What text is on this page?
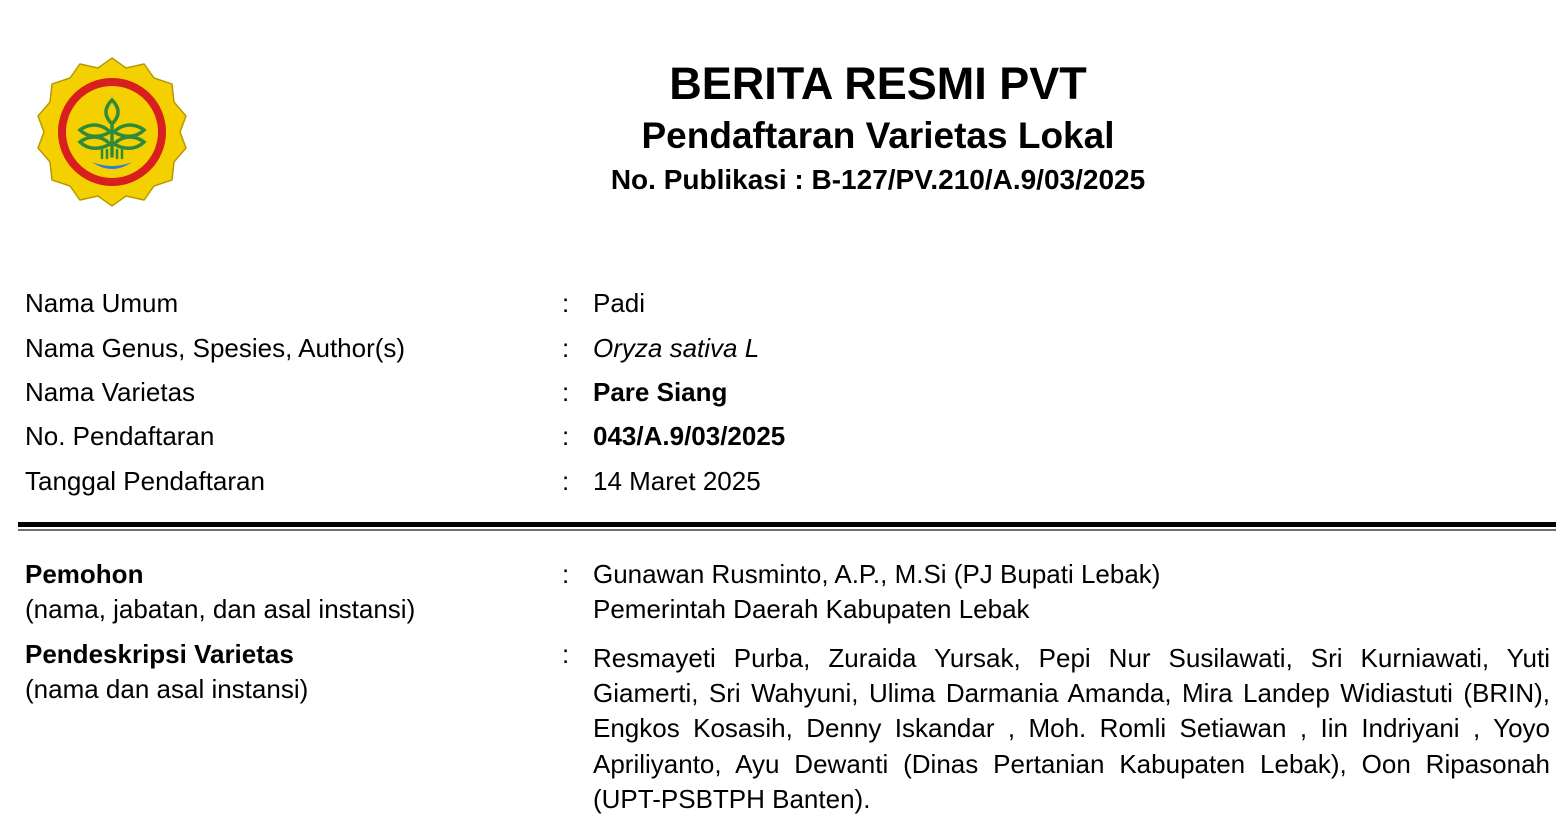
BERITA RESMI PVT
Pendaftaran Varietas Lokal
No. Publikasi : B-127/PV.210/A.9/03/2025
Nama Umum	: Padi
Nama Genus, Spesies, Author(s)	: Oryza sativa L
Nama Varietas	: Pare Siang
No. Pendaftaran	: 043/A.9/03/2025
Tanggal Pendaftaran	: 14 Maret 2025
Pemohon
(nama, jabatan, dan asal instansi)
: Gunawan Rusminto, A.P., M.Si (PJ Bupati Lebak)
Pemerintah Daerah Kabupaten Lebak
Pendeskripsi Varietas
(nama dan asal instansi)
: Resmayeti Purba, Zuraida Yursak, Pepi Nur Susilawati, Sri Kurniawati, Yuti Giamerti, Sri Wahyuni, Ulima Darmania Amanda, Mira Landep Widiastuti (BRIN), Engkos Kosasih, Denny Iskandar , Moh. Romli Setiawan , Iin Indriyani , Yoyo Apriliyanto, Ayu Dewanti (Dinas Pertanian Kabupaten Lebak), Oon Ripasonah (UPT-PSBTPH Banten).
